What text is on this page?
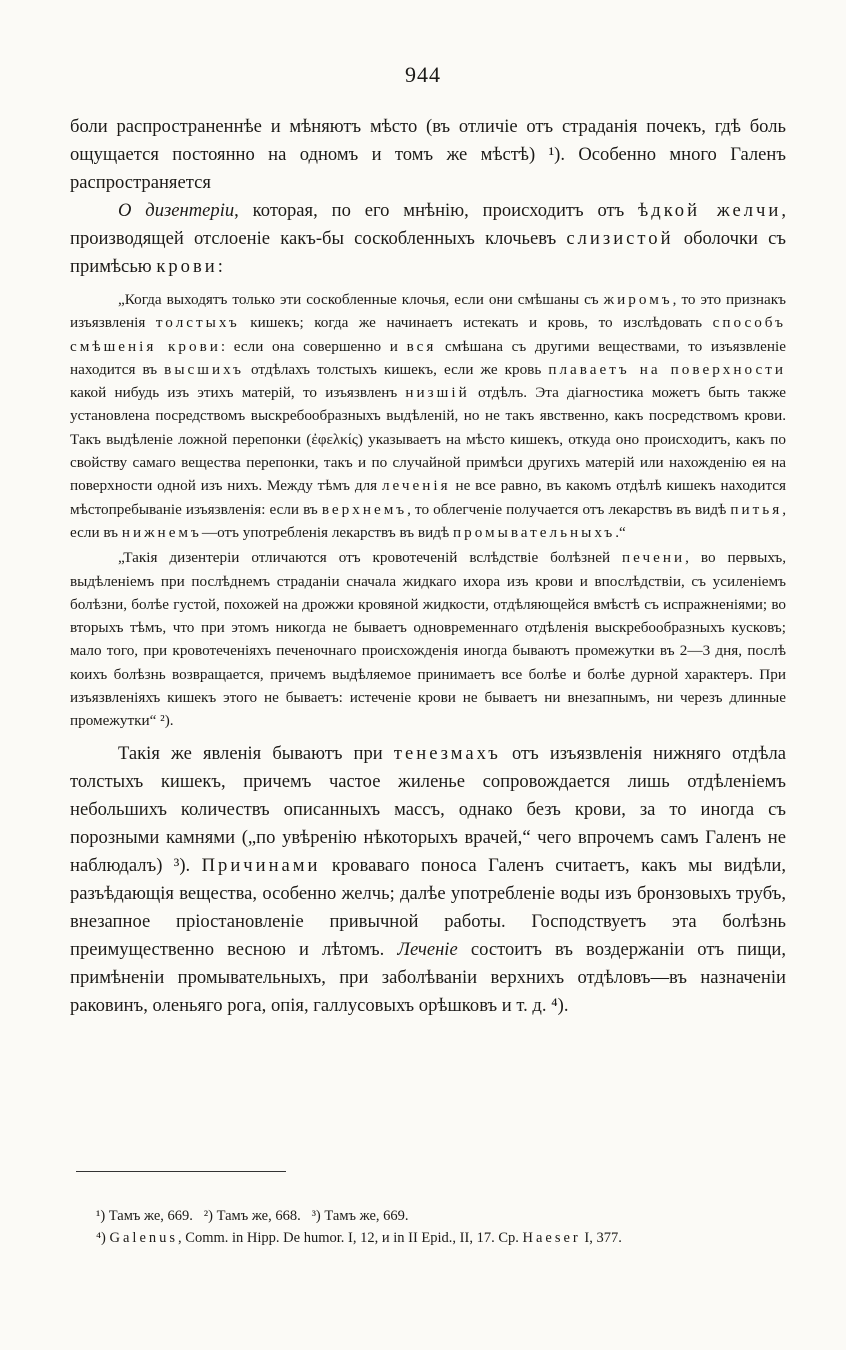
944

боли распространеннѣе и мѣняютъ мѣсто (въ отличіе отъ страданія почекъ, гдѣ боль ощущается постоянно на одномъ и томъ же мѣстѣ) ¹). Особенно много Галенъ распространяется

О дизентеріи, которая, по его мнѣнію, происходитъ отъ ѣдкой желчи, производящей отслоеніе какъ-бы соскобленныхъ клочьевъ слизистой оболочки съ примѣсью крови:

„Когда выходятъ только эти соскобленные клочья, если они смѣшаны съ жиромъ, то это признакъ изъязвленія толстыхъ кишекъ; когда же начинаетъ истекать и кровь, то изслѣдовать способъ смѣшенія крови: если она совершенно и вся смѣшана съ другими веществами, то изъязвленіе находится въ высшихъ отдѣлахъ толстыхъ кишекъ, если же кровь плаваетъ на поверхности какой нибудь изъ этихъ матерій, то изъязвленъ низшій отдѣлъ. Эта діагностика можетъ быть также установлена посредствомъ выскребообразныхъ выдѣленій, но не такъ явственно, какъ посредствомъ крови. Такъ выдѣленіе ложной перепонки (ἐφελκίς) указываетъ на мѣсто кишекъ, откуда оно происходитъ, какъ по свойству самаго вещества перепонки, такъ и по случайной примѣси другихъ матерій или нахожденію ея на поверхности одной изъ нихъ. Между тѣмъ для леченія не все равно, въ какомъ отдѣлѣ кишекъ находится мѣстопребываніе изъязвленія: если въ верхнемъ, то облегченіе получается отъ лекарствъ въ видѣ питья, если въ нижнемъ—отъ употребленія лекарствъ въ видѣ промывательныхъ.“

„Такія дизентеріи отличаются отъ кровотеченій вслѣдствіе болѣзней печени, во первыхъ, выдѣленіемъ при послѣднемъ страданіи сначала жидкаго ихора изъ крови и впослѣдствіи, съ усиленіемъ болѣзни, болѣе густой, похожей на дрожжи кровяной жидкости, отдѣляющейся вмѣстѣ съ испражненіями; во вторыхъ тѣмъ, что при этомъ никогда не бываетъ одновременнаго отдѣленія выскребообразныхъ кусковъ; мало того, при кровотеченіяхъ печеночнаго происхожденія иногда бываютъ промежутки въ 2—3 дня, послѣ коихъ болѣзнь возвращается, причемъ выдѣляемое принимаетъ все болѣе и болѣе дурной характеръ. При изъязвленіяхъ кишекъ этого не бываетъ: истеченіе крови не бываетъ ни внезапнымъ, ни черезъ длинные промежутки“ ²).

Такія же явленія бываютъ при тенезмахъ отъ изъязвленія нижняго отдѣла толстыхъ кишекъ, причемъ частое жиленье сопровождается лишь отдѣленіемъ небольшихъ количествъ описанныхъ массъ, однако безъ крови, за то иногда съ порозными камнями („по увѣренію нѣкоторыхъ врачей,“ чего впрочемъ самъ Галенъ не наблюдалъ) ³). Причинами кроваваго поноса Галенъ считаетъ, какъ мы видѣли, разъѣдающія вещества, особенно желчь; далѣе употребленіе воды изъ бронзовыхъ трубъ, внезапное пріостановленіе привычной работы. Господствуетъ эта болѣзнь преимущественно весною и лѣтомъ. Леченіе состоитъ въ воздержаніи отъ пищи, примѣненіи промывательныхъ, при заболѣваніи верхнихъ отдѣловъ—въ назначеніи раковинъ, оленьяго рога, опія, галлусовыхъ орѣшковъ и т. д. ⁴).

¹) Тамъ же, 669.   ²) Тамъ же, 668.   ³) Тамъ же, 669.

⁴) Galenus, Comm. in Hipp. De humor. I, 12, и in II Epid., II, 17. Ср. Haeser I, 377.
